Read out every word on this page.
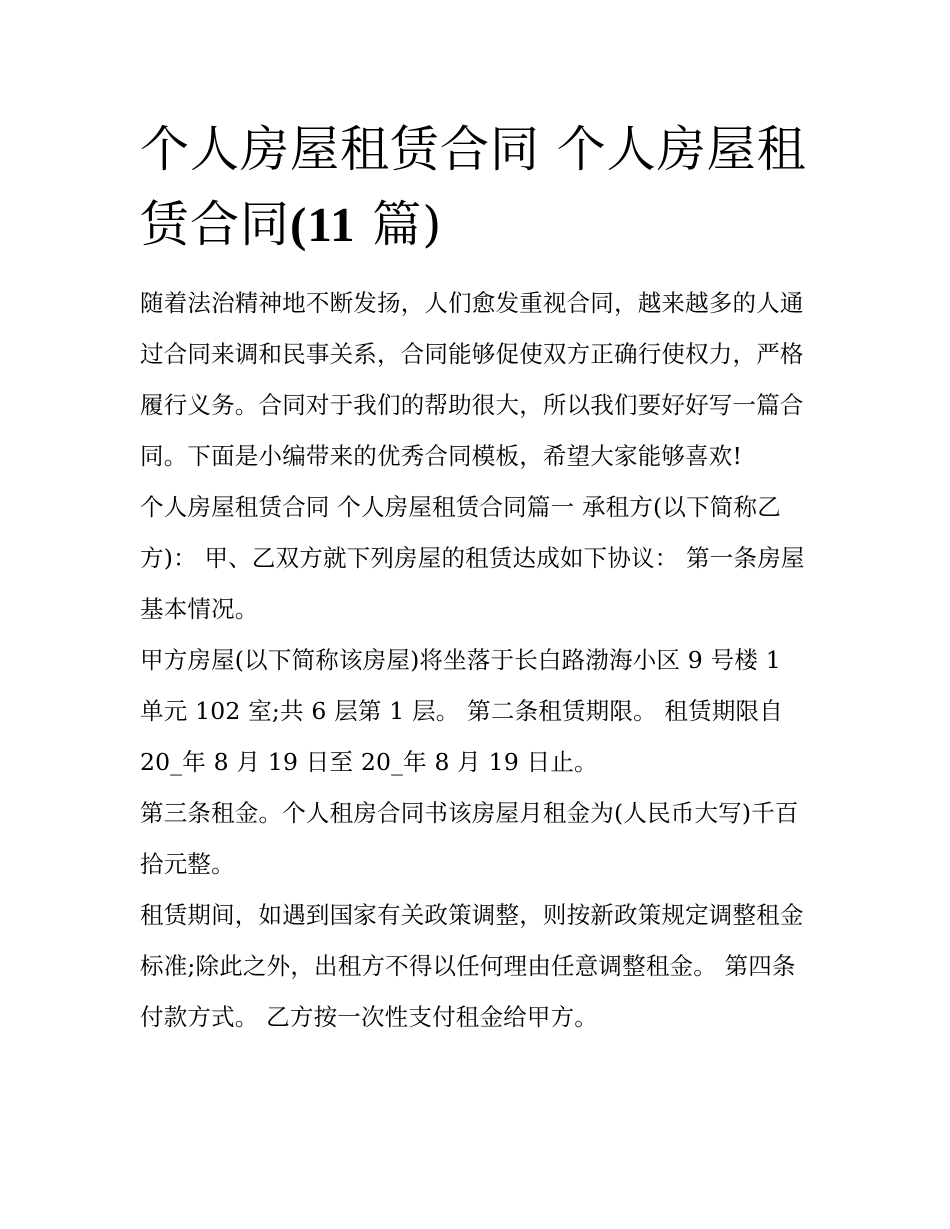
个人房屋租赁合同 个人房屋租赁合同(11 篇)

随着法治精神地不断发扬，人们愈发重视合同，越来越多的人通过合同来调和民事关系，合同能够促使双方正确行使权力，严格履行义务。合同对于我们的帮助很大，所以我们要好好写一篇合同。下面是小编带来的优秀合同模板，希望大家能够喜欢!

个人房屋租赁合同 个人房屋租赁合同篇一 承租方(以下简称乙方)： 甲、乙双方就下列房屋的租赁达成如下协议： 第一条房屋基本情况。

甲方房屋(以下简称该房屋)将坐落于长白路渤海小区 9 号楼 1 单元 102 室;共 6 层第 1 层。 第二条租赁期限。 租赁期限自 20_年 8 月 19 日至 20_年 8 月 19 日止。

第三条租金。个人租房合同书该房屋月租金为(人民币大写)千百拾元整。

租赁期间，如遇到国家有关政策调整，则按新政策规定调整租金标准;除此之外，出租方不得以任何理由任意调整租金。 第四条付款方式。 乙方按一次性支付租金给甲方。
